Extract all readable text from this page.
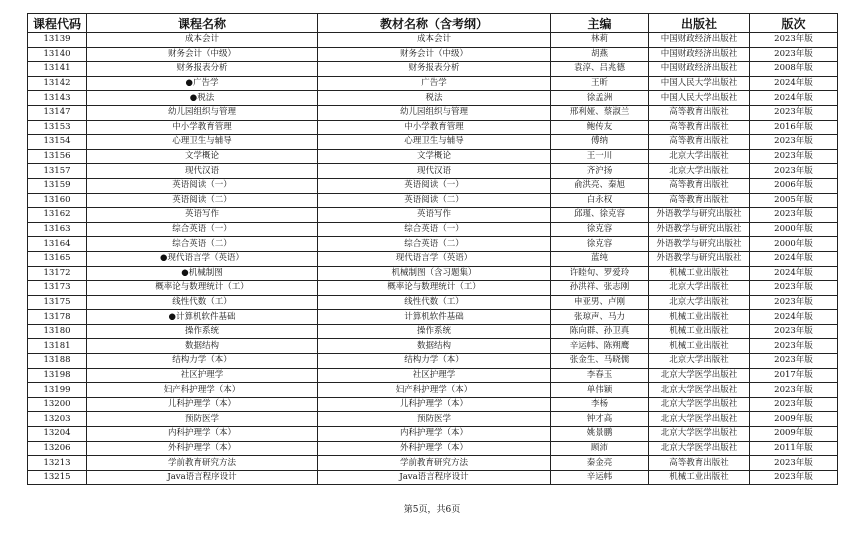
课程代码	课程名称	教材名称（含考纲）	主编	出版社	版次
13139	成本会计	成本会计	林莉	中国财政经济出版社	2023年版
13140	财务会计（中级）	财务会计（中级）	胡燕	中国财政经济出版社	2023年版
13141	财务报表分析	财务报表分析	袁淳、吕兆德	中国财政经济出版社	2008年版
13142	●广告学	广告学	王昕	中国人民大学出版社	2024年版
13143	●税法	税法	徐孟洲	中国人民大学出版社	2024年版
13147	幼儿园组织与管理	幼儿园组织与管理	邢利娅、蔡淑兰	高等教育出版社	2023年版
13153	中小学教育管理	中小学教育管理	鲍传友	高等教育出版社	2016年版
13154	心理卫生与辅导	心理卫生与辅导	傅纳	高等教育出版社	2023年版
13156	文学概论	文学概论	王一川	北京大学出版社	2023年版
13157	现代汉语	现代汉语	齐沪扬	北京大学出版社	2023年版
13159	英语阅读（一）	英语阅读（一）	俞洪亮、秦旭	高等教育出版社	2006年版
13160	英语阅读（二）	英语阅读（二）	白永权	高等教育出版社	2005年版
13162	英语写作	英语写作	邱瑾、徐克容	外语教学与研究出版社	2023年版
13163	综合英语（一）	综合英语（一）	徐克容	外语教学与研究出版社	2000年版
13164	综合英语（二）	综合英语（二）	徐克容	外语教学与研究出版社	2000年版
13165	●现代语言学（英语）	现代语言学（英语）	蓝纯	外语教学与研究出版社	2024年版
13172	●机械制图	机械制图（含习题集）	许睦旬、罗爱玲	机械工业出版社	2024年版
13173	概率论与数理统计（工）	概率论与数理统计（工）	孙洪祥、张志刚	北京大学出版社	2023年版
13175	线性代数（工）	线性代数（工）	申亚男、卢刚	北京大学出版社	2023年版
13178	●计算机软件基础	计算机软件基础	张琼声、马力	机械工业出版社	2024年版
13180	操作系统	操作系统	陈向群、孙卫真	机械工业出版社	2023年版
13181	数据结构	数据结构	辛运帏、陈朔鹰	机械工业出版社	2023年版
13188	结构力学（本）	结构力学（本）	张金生、马晓儒	北京大学出版社	2023年版
13198	社区护理学	社区护理学	李春玉	北京大学医学出版社	2017年版
13199	妇产科护理学（本）	妇产科护理学（本）	单伟颖	北京大学医学出版社	2023年版
13200	儿科护理学（本）	儿科护理学（本）	李杨	北京大学医学出版社	2023年版
13203	预防医学	预防医学	钟才高	北京大学医学出版社	2009年版
13204	内科护理学（本）	内科护理学（本）	姚景鹏	北京大学医学出版社	2009年版
13206	外科护理学（本）	外科护理学（本）	顾沛	北京大学医学出版社	2011年版
13213	学前教育研究方法	学前教育研究方法	秦金亮	高等教育出版社	2023年版
13215	Java语言程序设计	Java语言程序设计	辛运帏	机械工业出版社	2023年版
第5页，共6页
